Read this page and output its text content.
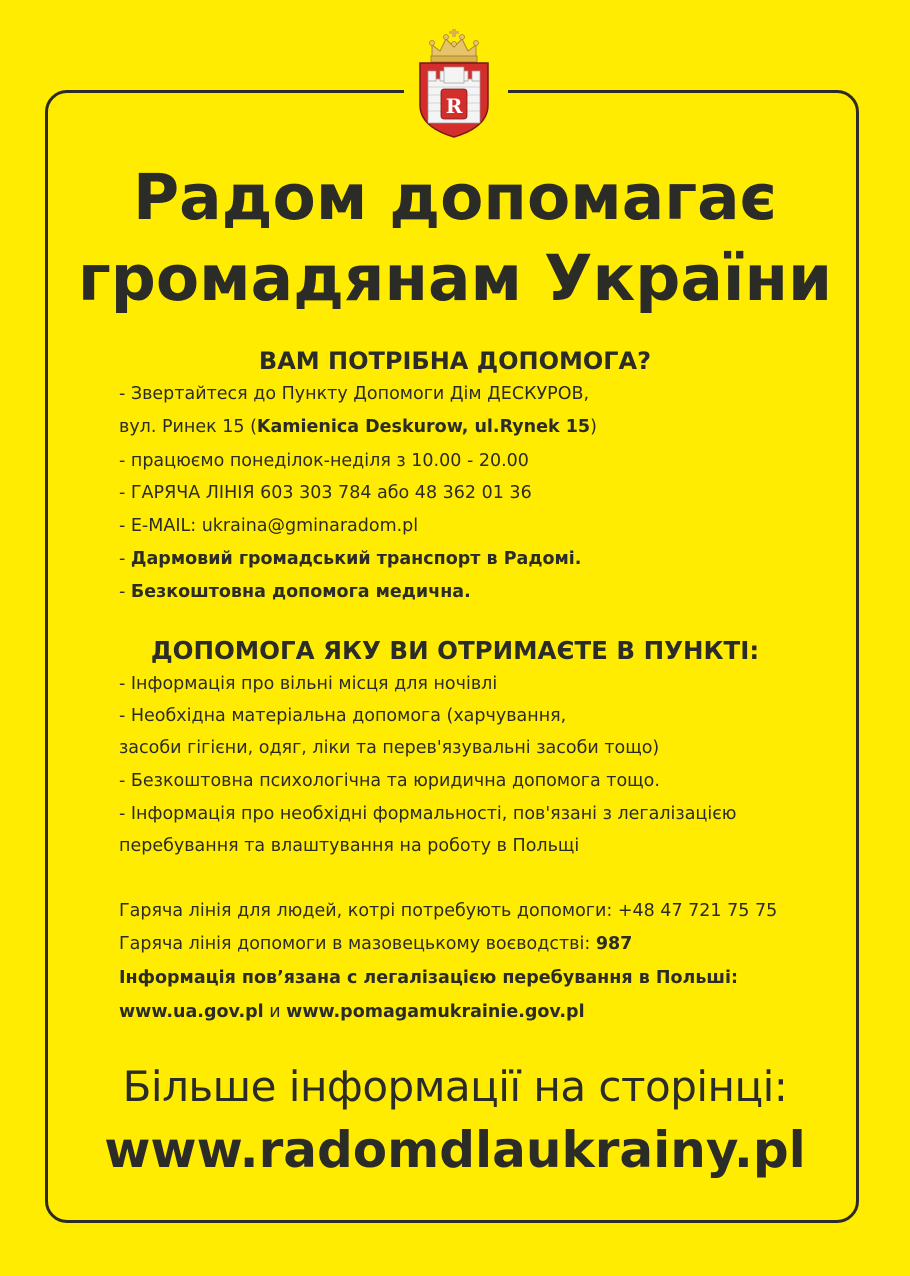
R
Радом допомагає
громадянам України
ВАМ ПОТРІБНА ДОПОМОГА?
- Звертайтеся до Пункту Допомоги Дім ДЕСКУРОВ,
вул. Ринек 15 (Kamienica Deskurow, ul.Rynek 15)
- працюємо понеділок-неділя з 10.00 - 20.00
- ГАРЯЧА ЛІНІЯ 603 303 784 або 48 362 01 36
- E-MAIL: ukraina@gminaradom.pl
- Дармовий громадський транспорт в Радомі.
- Безкоштовна допомога медична.
ДОПОМОГА ЯКУ ВИ ОТРИМАЄТЕ В ПУНКТІ:
- Інформація про вільні місця для ночівлі
- Необхідна матеріальна допомога (харчування,
засоби гігієни, одяг, ліки та перев'язувальні засоби тощо)
- Безкоштовна психологічна та юридична допомога тощо.
- Інформація про необхідні формальності, пов'язані з легалізацією
перебування та влаштування на роботу в Польщі
Гаряча лінія для людей, котрі потребують допомоги: +48 47 721 75 75
Гаряча лінія допомоги в мазовецькому воєводстві: 987
Інформація пов’язана с легалізацією перебування в Польші:
www.ua.gov.pl и www.pomagamukrainie.gov.pl
Більше інформації на сторінці:
www.radomdlaukrainy.pl
